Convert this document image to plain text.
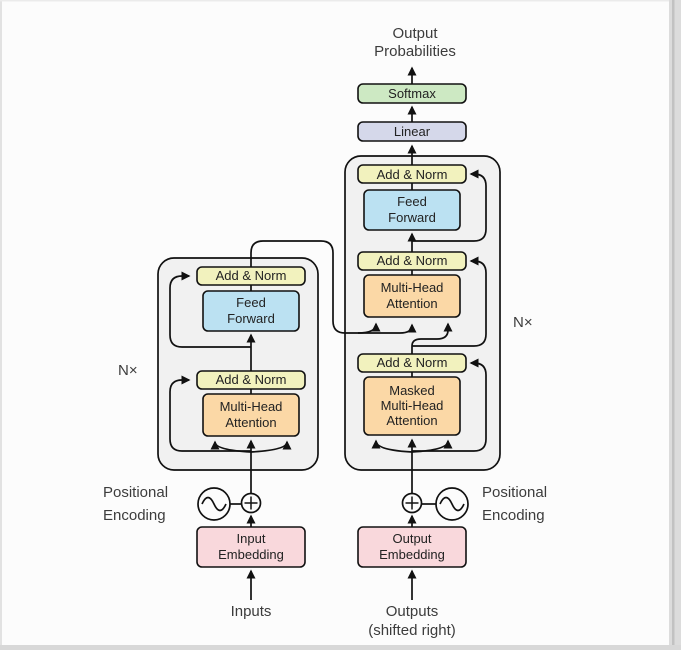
Output
Probabilities
Softmax
Linear
Add & Norm
Feed
Forward
Add & Norm
Multi-Head
Attention
Add & Norm
Masked
Multi-Head
Attention
Add & Norm
Feed
Forward
Add & Norm
Multi-Head
Attention
Input
Embedding
Output
Embedding
N×
N×
Positional
Encoding
Positional
Encoding
Inputs	Outputs
(shifted right)
